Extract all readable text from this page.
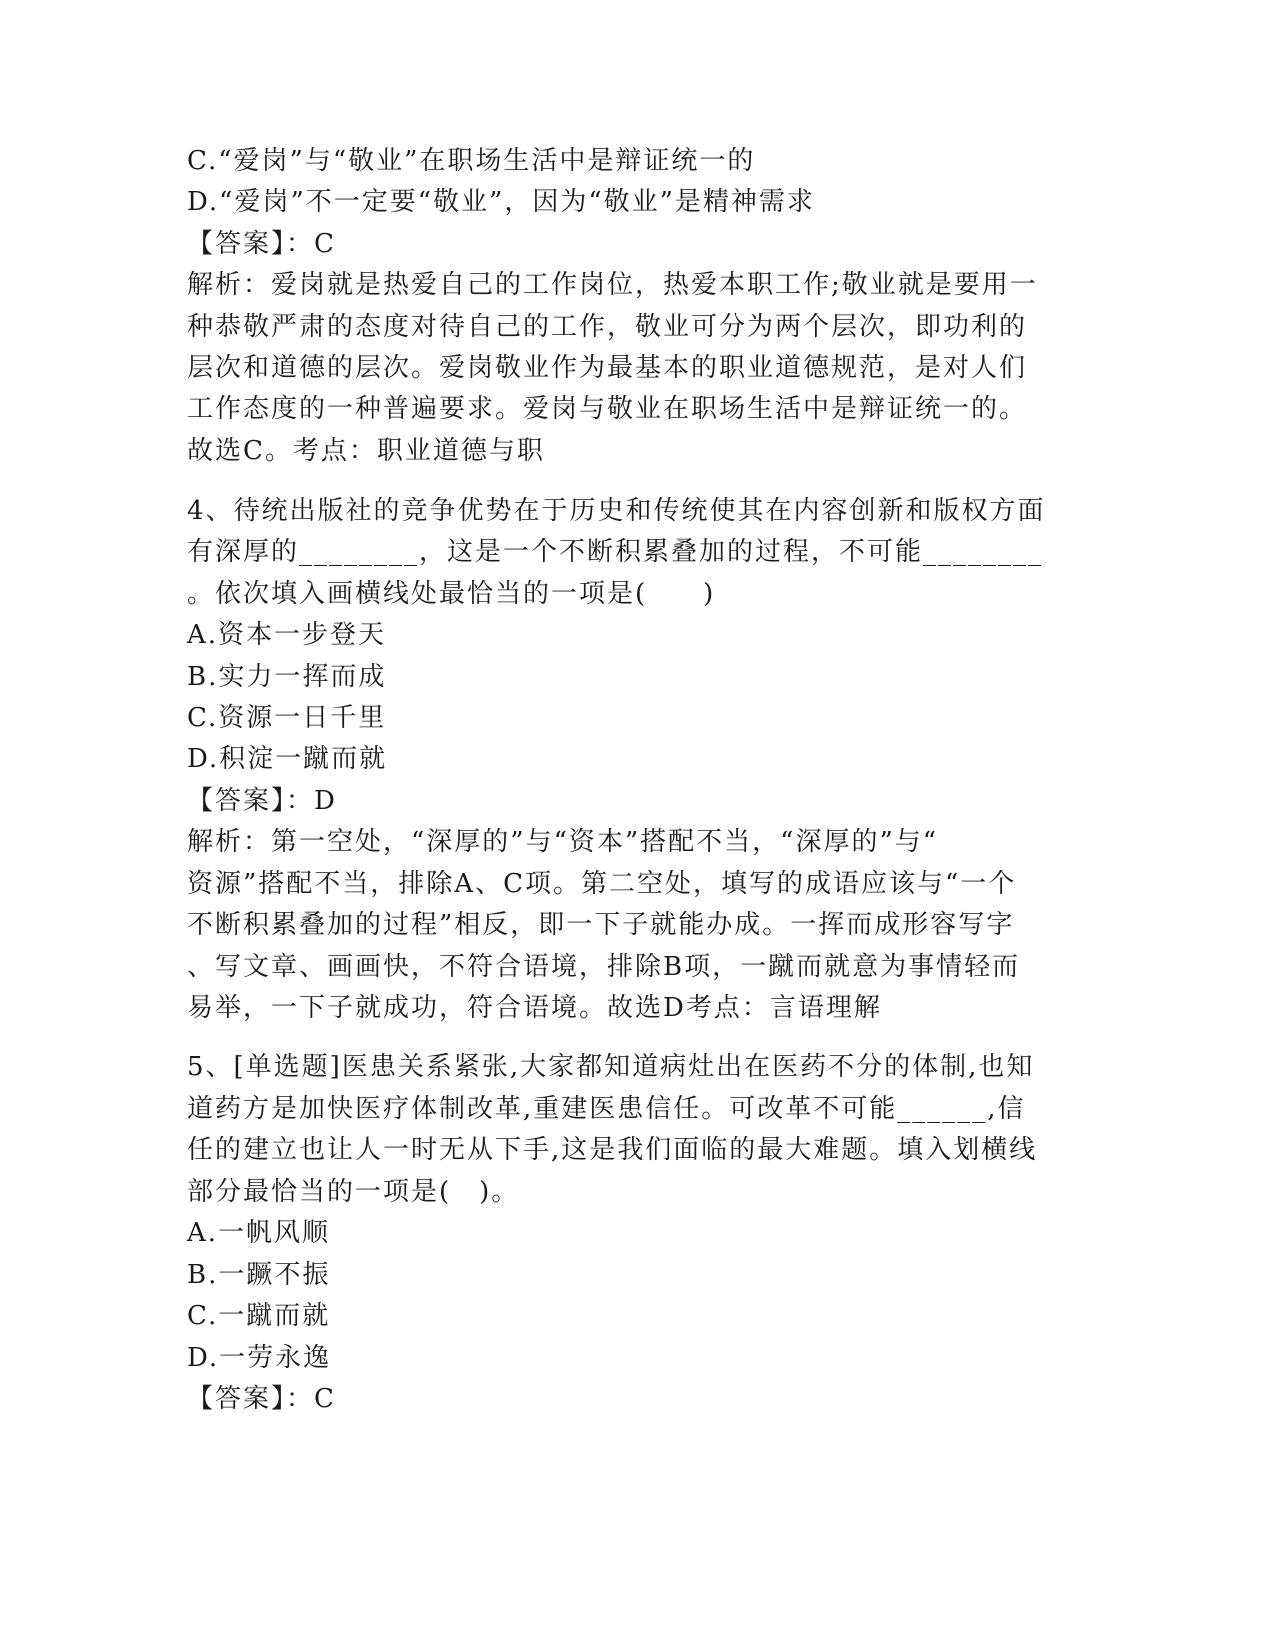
C.“爱岗”与“敬业”在职场生活中是辩证统一的
D.“爱岗”不一定要“敬业”，因为“敬业”是精神需求
【答案】：C
解析：爱岗就是热爱自己的工作岗位，热爱本职工作;敬业就是要用一
种恭敬严肃的态度对待自己的工作，敬业可分为两个层次，即功利的
层次和道德的层次。爱岗敬业作为最基本的职业道德规范，是对人们
工作态度的一种普遍要求。爱岗与敬业在职场生活中是辩证统一的。
故选C。考点：职业道德与职
4、待统出版社的竞争优势在于历史和传统使其在内容创新和版权方面
有深厚的________，这是一个不断积累叠加的过程，不可能________
。依次填入画横线处最恰当的一项是(　　)
A.资本一步登天
B.实力一挥而成
C.资源一日千里
D.积淀一蹴而就
【答案】：D
解析：第一空处，“深厚的”与“资本”搭配不当，“深厚的”与“
资源”搭配不当，排除A、C项。第二空处，填写的成语应该与“一个
不断积累叠加的过程”相反，即一下子就能办成。一挥而成形容写字
、写文章、画画快，不符合语境，排除B项，一蹴而就意为事情轻而
易举，一下子就成功，符合语境。故选D考点：言语理解
5、[单选题]医患关系紧张,大家都知道病灶出在医药不分的体制,也知
道药方是加快医疗体制改革,重建医患信任。可改革不可能______,信
任的建立也让人一时无从下手,这是我们面临的最大难题。填入划横线
部分最恰当的一项是(　)。
A.一帆风顺
B.一蹶不振
C.一蹴而就
D.一劳永逸
【答案】：C
